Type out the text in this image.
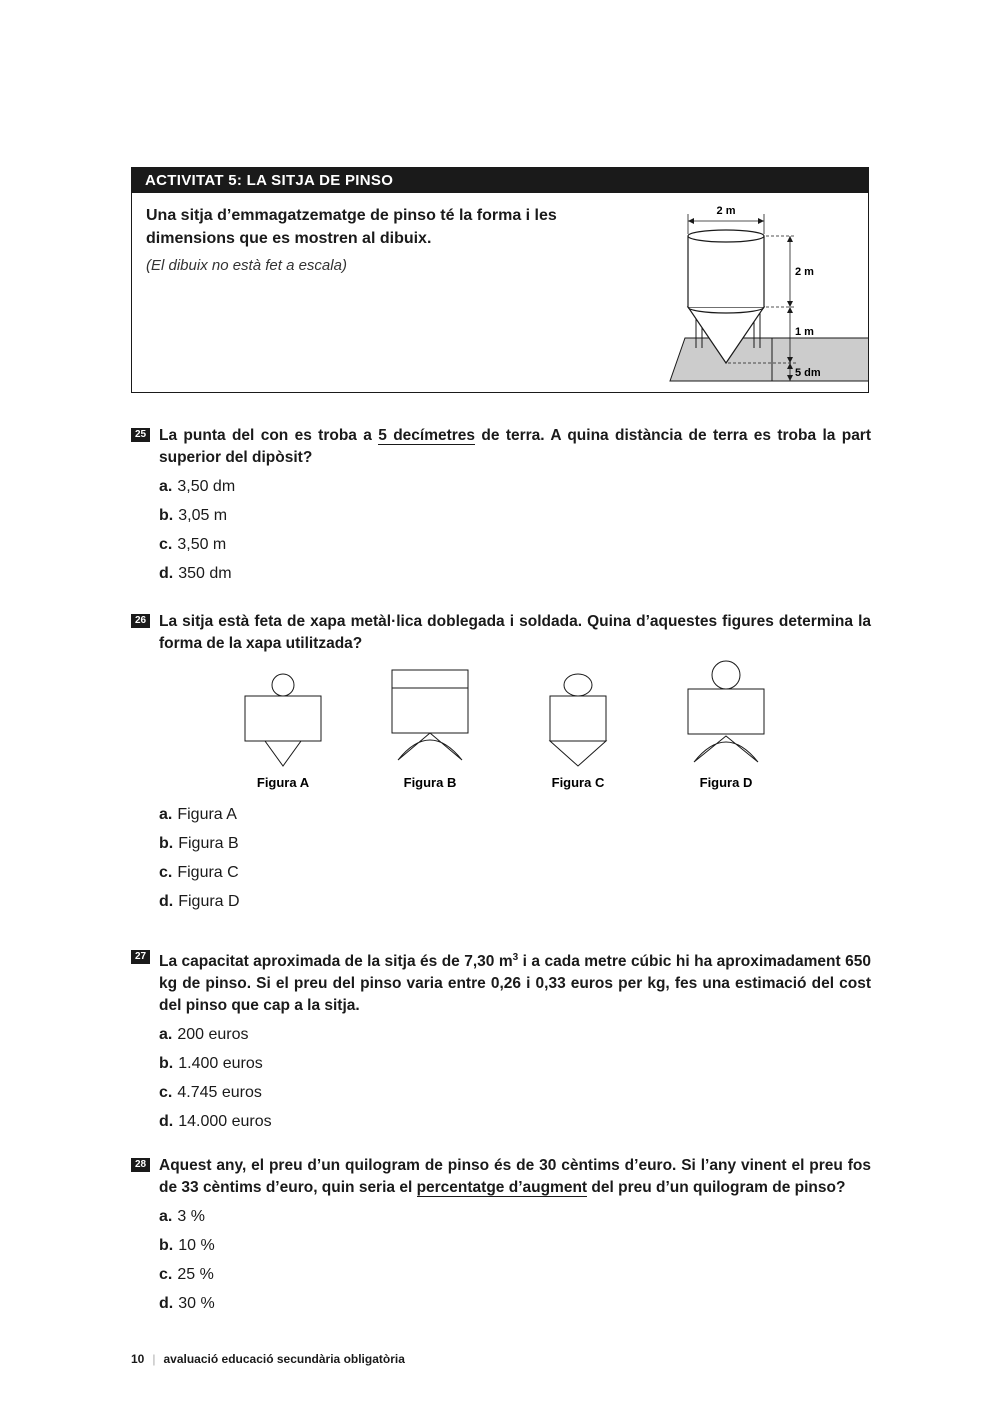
ACTIVITAT 5: LA SITJA DE PINSO
Una sitja d’emmagatzematge de pinso té la forma i les dimensions que es mostren al dibuix.
(El dibuix no està fet a escala)
2 m
2 m
1 m
5 dm
25 La punta del con es troba a 5 decímetres de terra. A quina distància de terra es troba la part superior del dipòsit?
a. 3,50 dm
b. 3,05 m
c. 3,50 m
d. 350 dm
26 La sitja està feta de xapa metàl·lica doblegada i soldada. Quina d’aquestes figures determina la forma de la xapa utilitzada?
Figura A	Figura B	Figura C	Figura D
a. Figura A
b. Figura B
c. Figura C
d. Figura D
27 La capacitat aproximada de la sitja és de 7,30 $m^3$ i a cada metre cúbic hi ha aproximadament 650 kg de pinso. Si el preu del pinso varia entre 0,26 i 0,33 euros per kg, fes una estimació del cost del pinso que cap a la sitja.
a. 200 euros
b. 1.400 euros
c. 4.745 euros
d. 14.000 euros
28 Aquest any, el preu d’un quilogram de pinso és de 30 cèntims d’euro. Si l’any vinent el preu fos de 33 cèntims d’euro, quin seria el percentatge d’augment del preu d’un quilogram de pinso?
a. 3 %
b. 10 %
c. 25 %
d. 30 %
10 | avaluació educació secundària obligatòria
